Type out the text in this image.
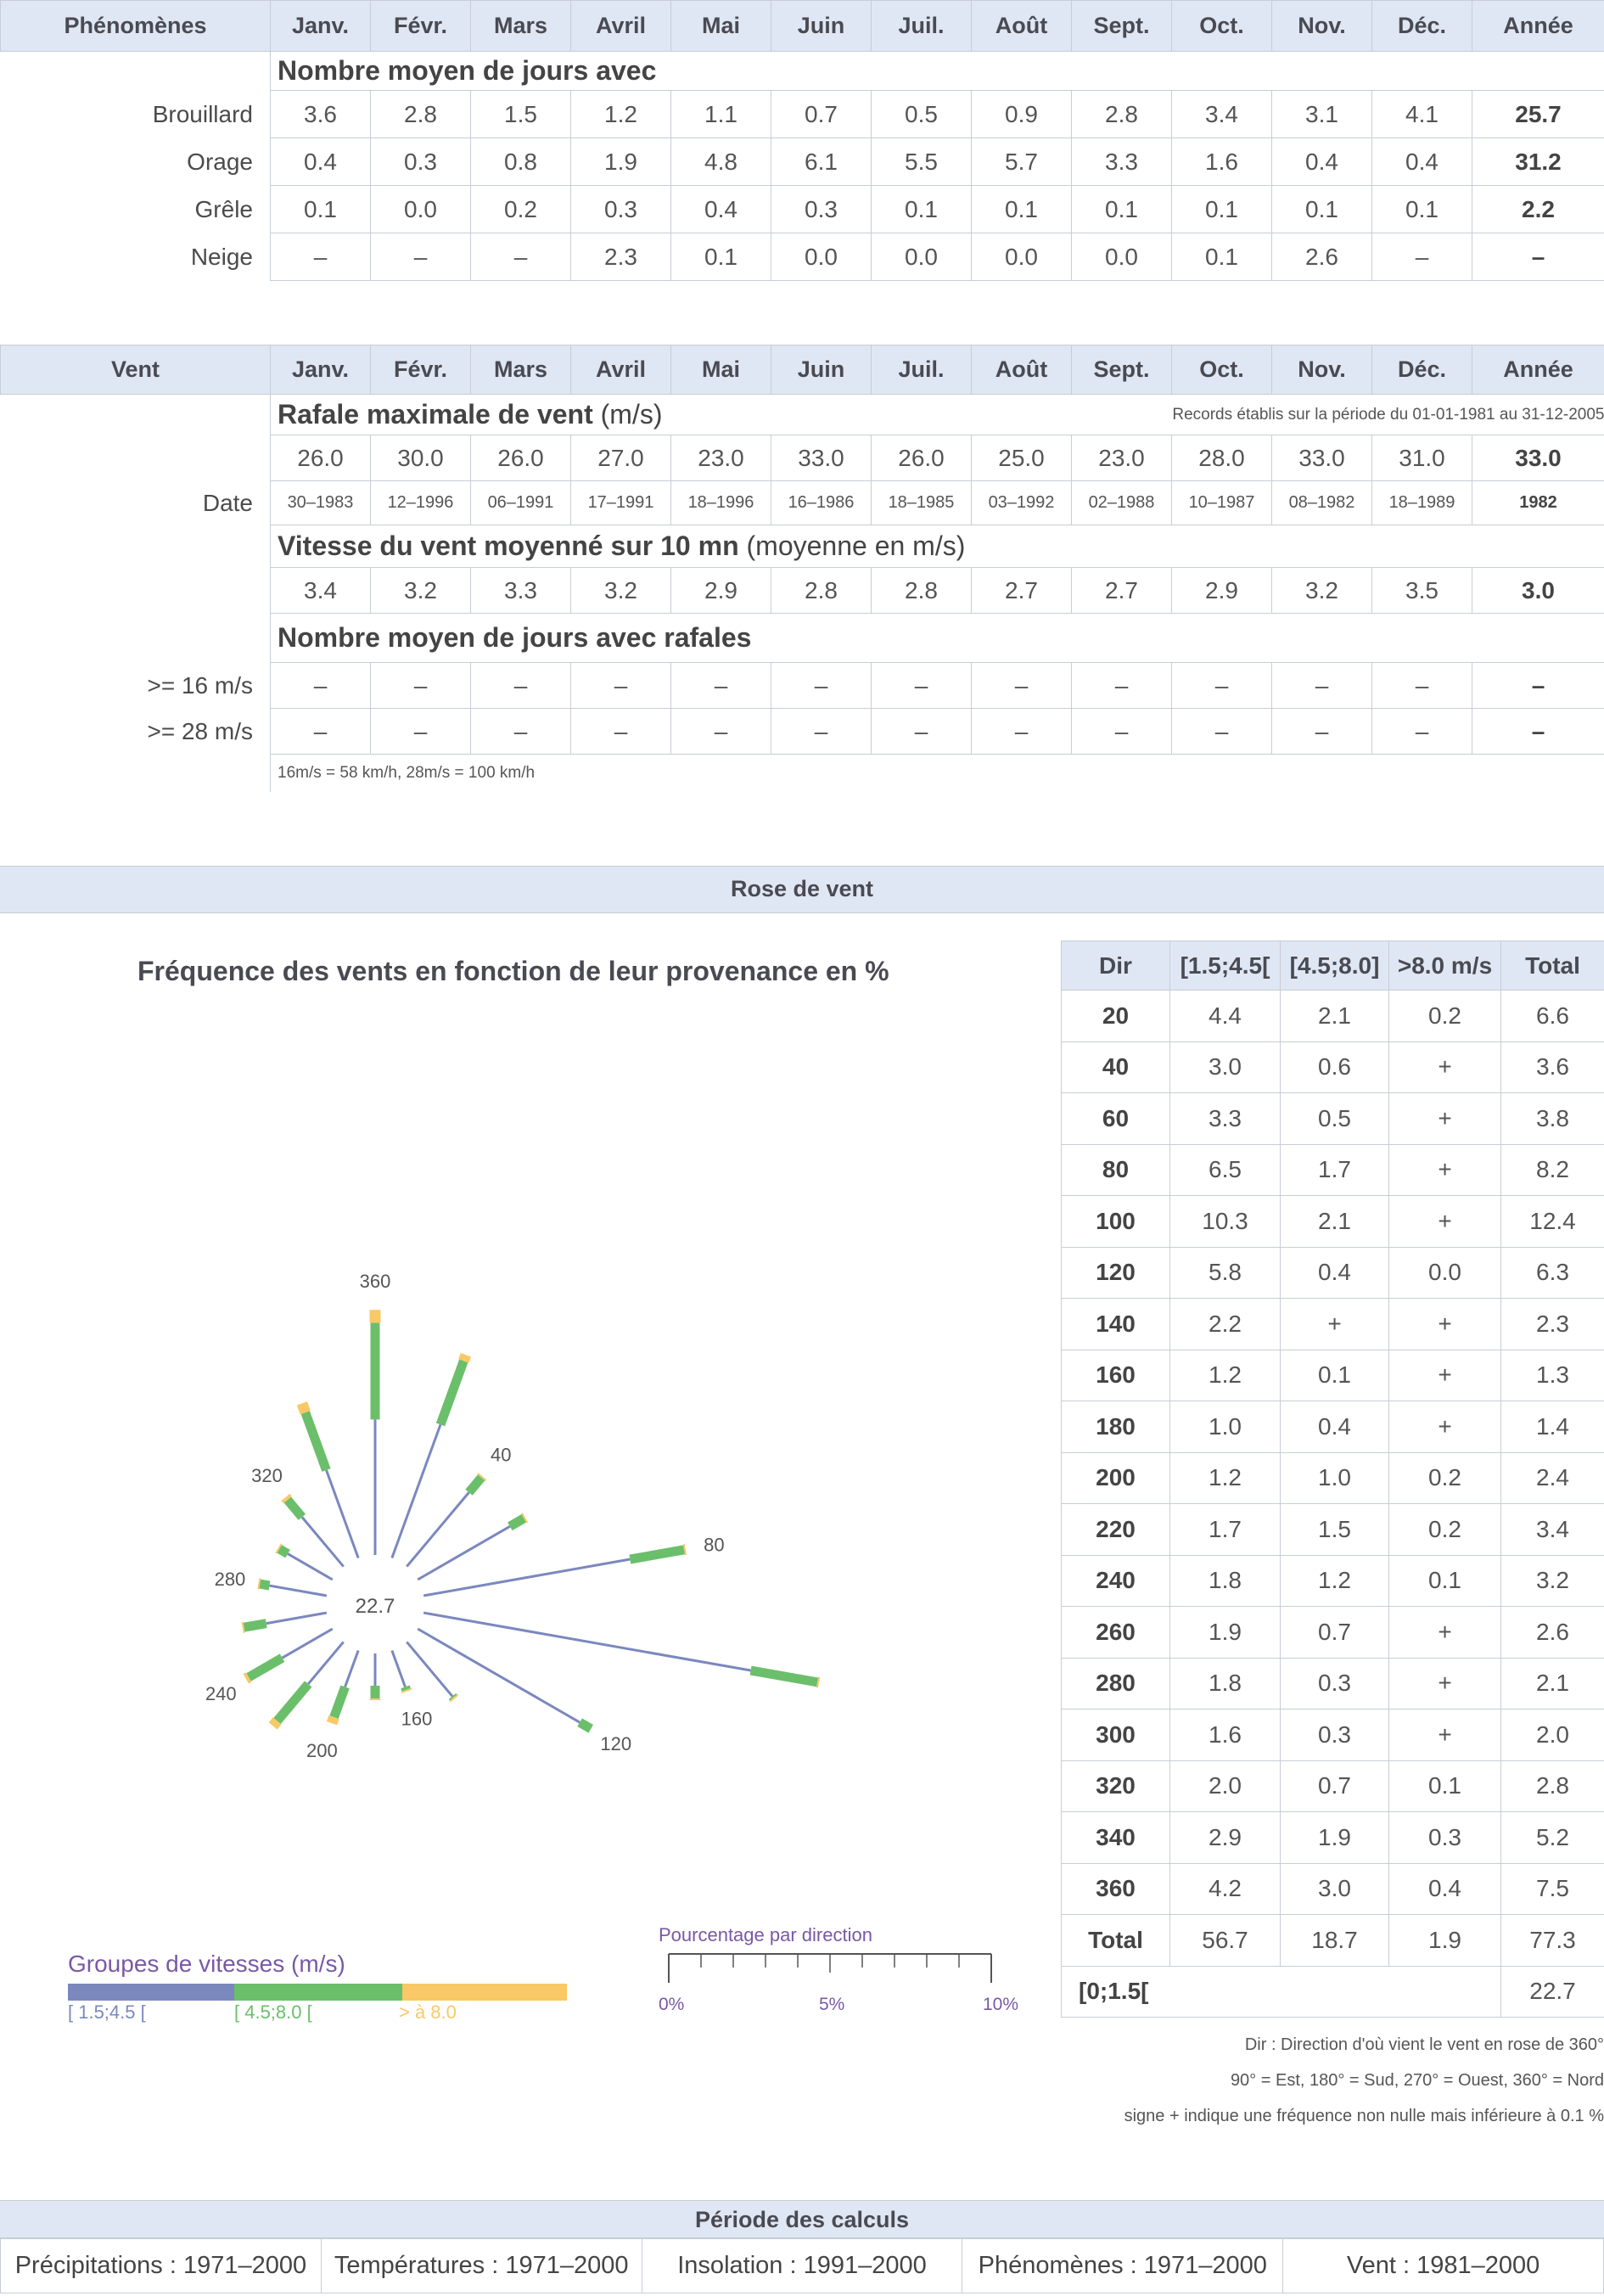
Phénomènes	Janv.	Févr.	Mars	Avril	Mai	Juin	Juil.	Août	Sept.	Oct.	Nov.	Déc.	Année
	Nombre moyen de jours avec												
Brouillard	3.6	2.8	1.5	1.2	1.1	0.7	0.5	0.9	2.8	3.4	3.1	4.1	25.7
Orage	0.4	0.3	0.8	1.9	4.8	6.1	5.5	5.7	3.3	1.6	0.4	0.4	31.2
Grêle	0.1	0.0	0.2	0.3	0.4	0.3	0.1	0.1	0.1	0.1	0.1	0.1	2.2
Neige	–	–	–	2.3	0.1	0.0	0.0	0.0	0.0	0.1	2.6	–	–
Vent	Janv.	Févr.	Mars	Avril	Mai	Juin	Juil.	Août	Sept.	Oct.	Nov.	Déc.	Année
	Rafale maximale de vent (m/s) Records établis sur la période du 01-01-1981 au 31-12-2005												

	26.0	30.0	26.0	27.0	23.0	33.0	26.0	25.0	23.0	28.0	33.0	31.0	33.0
Date	30–1983	12–1996	06–1991	17–1991	18–1996	16–1986	18–1985	03–1992	02–1988	10–1987	08–1982	18–1989	1982
	Vitesse du vent moyenné sur 10 mn (moyenne en m/s)												
	3.4	3.2	3.3	3.2	2.9	2.8	2.8	2.7	2.7	2.9	3.2	3.5	3.0
	Nombre moyen de jours avec rafales												
>= 16 m/s	–	–	–	–	–	–	–	–	–	–	–	–	–
>= 28 m/s	–	–	–	–	–	–	–	–	–	–	–	–	–
	16m/s = 58 km/h, 28m/s = 100 km/h												
Rose de vent
Fréquence des vents en fonction de leur provenance en %
22.7
360
40
80
120
160
200
240
280
320
Groupes de vitesses (m/s)
[ 1.5;4.5 [	[ 4.5;8.0 [	> à 8.0
Pourcentage par direction
0%	5%	10%
Dir	[1.5;4.5[	[4.5;8.0]	>8.0 m/s	Total
20	4.4	2.1	0.2	6.6
40	3.0	0.6	+	3.6
60	3.3	0.5	+	3.8
80	6.5	1.7	+	8.2
100	10.3	2.1	+	12.4
120	5.8	0.4	0.0	6.3
140	2.2	+	+	2.3
160	1.2	0.1	+	1.3
180	1.0	0.4	+	1.4
200	1.2	1.0	0.2	2.4
220	1.7	1.5	0.2	3.4
240	1.8	1.2	0.1	3.2
260	1.9	0.7	+	2.6
280	1.8	0.3	+	2.1
300	1.6	0.3	+	2.0
320	2.0	0.7	0.1	2.8
340	2.9	1.9	0.3	5.2
360	4.2	3.0	0.4	7.5
Total	56.7	18.7	1.9	77.3
[0;1.5[				22.7
Dir : Direction d'où vient le vent en rose de 360°
90° = Est, 180° = Sud, 270° = Ouest, 360° = Nord
signe + indique une fréquence non nulle mais inférieure à 0.1 %
Période des calculs
Précipitations : 1971–2000	Températures : 1971–2000	Insolation : 1991–2000	Phénomènes : 1971–2000	Vent : 1981–2000
